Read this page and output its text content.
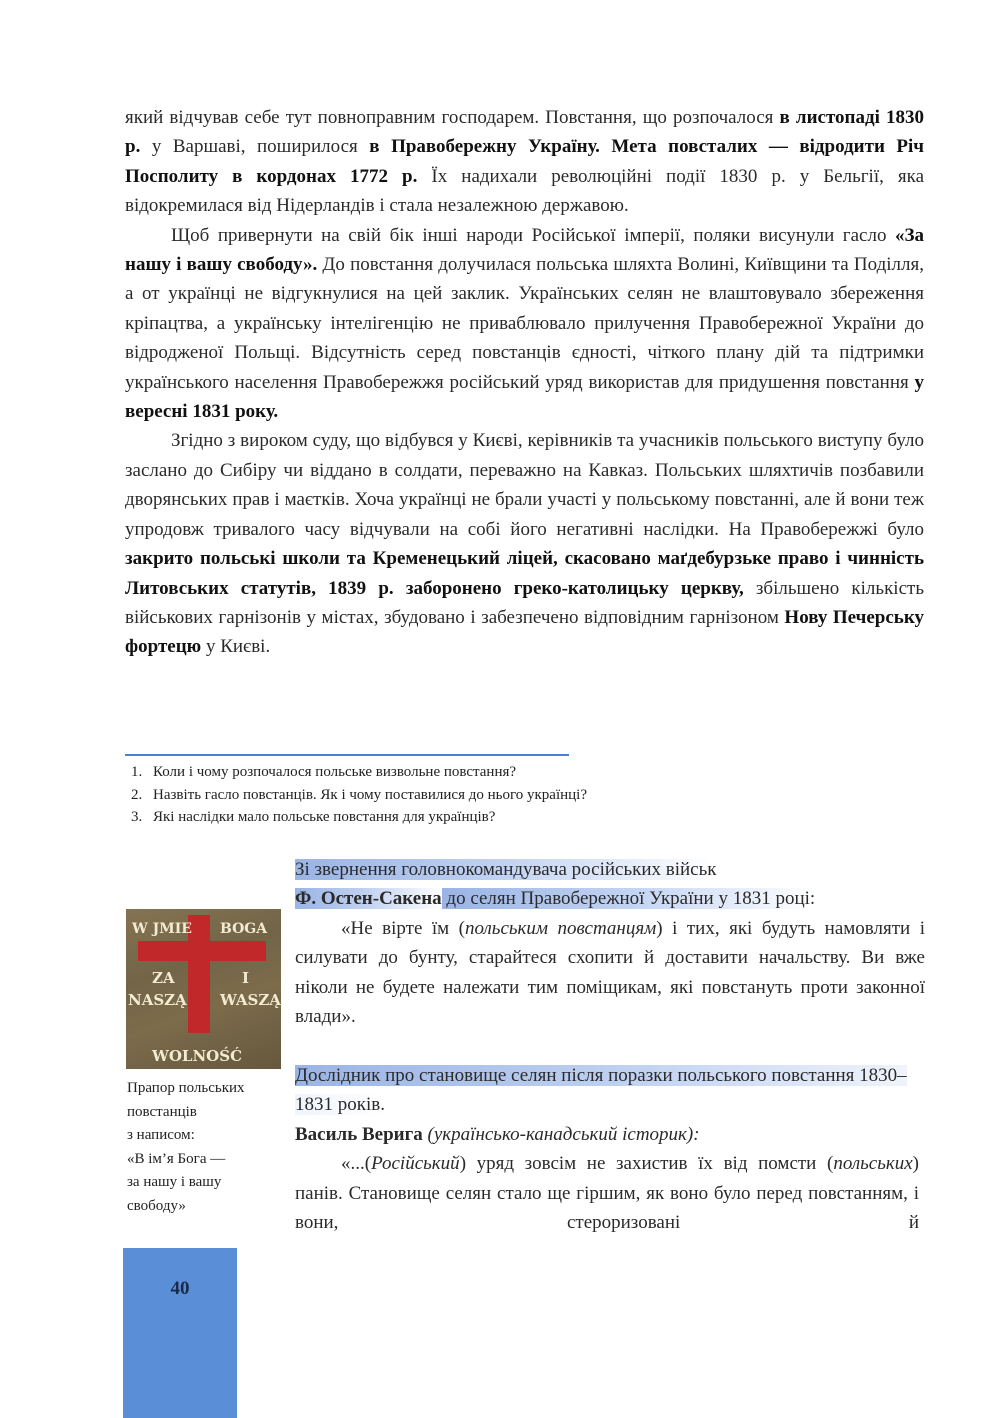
який відчував себе тут повноправним господарем. Повстання, що розпочалося в листопаді 1830 р. у Варшаві, поширилося в Правобережну Україну. Мета повсталих — відродити Річ Посполиту в кордонах 1772 р. Їх надихали революційні події 1830 р. у Бельгії, яка відокремилася від Нідерландів і стала незалежною державою.

Щоб привернути на свій бік інші народи Російської імперії, поляки висунули гасло «За нашу і вашу свободу». До повстання долучилася польська шляхта Волині, Київщини та Поділля, а от українці не відгукнулися на цей заклик. Українських селян не влаштовувало збереження кріпацтва, а українську інтелігенцію не приваблювало прилучення Правобережної України до відродженої Польщі. Відсутність серед повстанців єдності, чіткого плану дій та підтримки українського населення Правобережжя російський уряд використав для придушення повстання у вересні 1831 року.

Згідно з вироком суду, що відбувся у Києві, керівників та учасників польського виступу було заслано до Сибіру чи віддано в солдати, переважно на Кавказ. Польських шляхтичів позбавили дворянських прав і маєтків. Хоча українці не брали участі у польському повстанні, але й вони теж упродовж тривалого часу відчували на собі його негативні наслідки. На Правобережжі було закрито польські школи та Кременецький ліцей, скасовано маґдебурзьке право і чинність Литовських статутів, 1839 р. заборонено греко-католицьку церкву, збільшено кількість військових гарнізонів у містах, збудовано і забезпечено відповідним гарнізоном Нову Печерську фортецю у Києві.

1. Коли і чому розпочалося польське визвольне повстання?
2. Назвіть гасло повстанців. Як і чому поставилися до нього українці?
3. Які наслідки мало польське повстання для українців?
W JMIE BOGA
ZA	I
NASZĄ WASZĄ
WOLNOŚĆ
Прапор польських
повстанців
з написом:
«В ім’я Бога —
за нашу і вашу
свободу»

Зі звернення головнокомандувача російських військ

Ф. Остен-Сакена до селян Правобережної України у 1831 році:

«Не вірте їм (польським повстанцям) і тих, які будуть намовляти і силувати до бунту, старайтеся схопити й доставити начальству. Ви вже ніколи не будете належати тим поміщикам, які повстануть проти законної влади».

Дослідник про становище селян після поразки польського повстання 1830–1831 років.

Василь Верига (українсько-канадський історик):

«...(Російський) уряд зовсім не захистив їх від помсти (польських) панів. Становище селян стало ще гіршим, як воно було перед повстанням, і вони, стероризовані й

40
